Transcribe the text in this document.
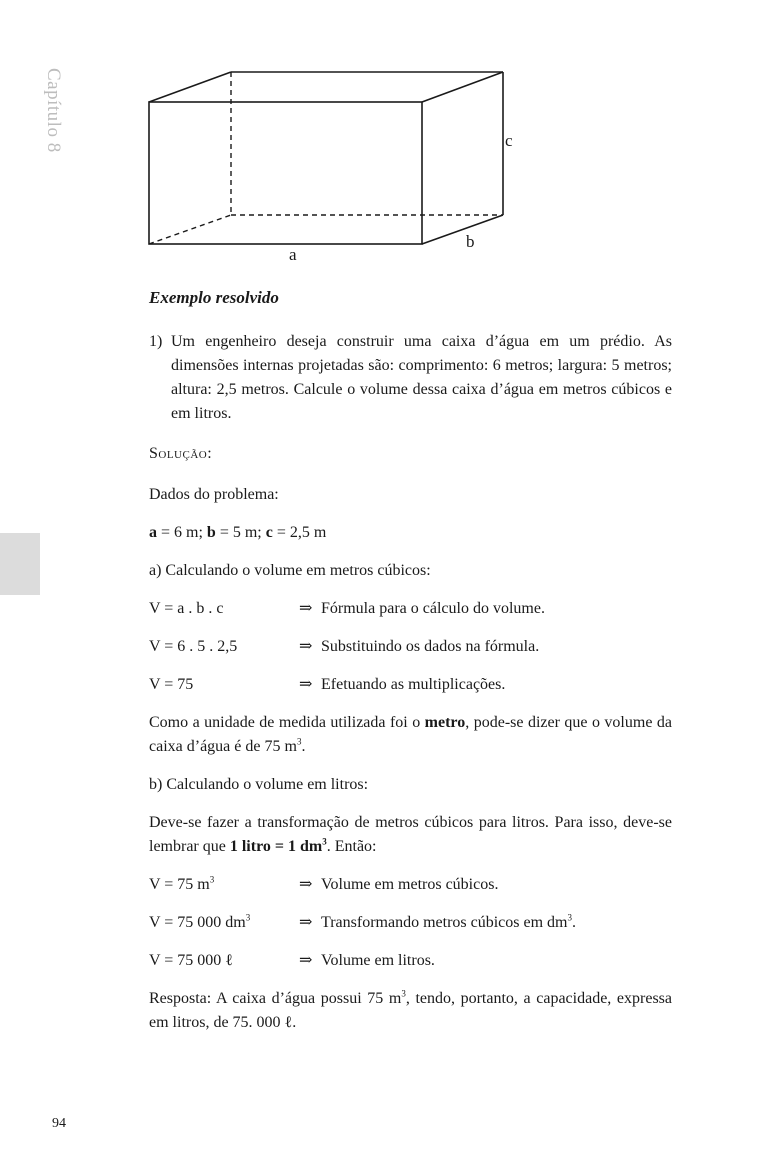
Capítulo 8
a
b
c

Exemplo resolvido

1) Um engenheiro deseja construir uma caixa d’água em um prédio. As dimensões internas projetadas são: comprimento: 6 metros; largura: 5 metros; altura: 2,5 metros. Calcule o volume dessa caixa d’água em metros cúbicos e em litros.

Solução:

Dados do problema:

a = 6 m; b = 5 m; c = 2,5 m

a) Calculando o volume em metros cúbicos:

V = a . b . c	⇒ Fórmula para o cálculo do volume.
V = 6 . 5 . 2,5	⇒ Substituindo os dados na fórmula.
V = 75	⇒ Efetuando as multiplicações.

Como a unidade de medida utilizada foi o metro, pode-se dizer que o volume da caixa d’água é de 75 $m^3$.

b) Calculando o volume em litros:

Deve-se fazer a transformação de metros cúbicos para litros. Para isso, deve-se lembrar que 1 litro = 1 $dm^3$. Então:

V = 75 $m^3$	⇒ Volume em metros cúbicos.
V = 75 000 $dm^3$	⇒ Transformando metros cúbicos em $dm^3$.
V = 75 000 ℓ	⇒ Volume em litros.

Resposta: A caixa d’água possui 75 $m^3$, tendo, portanto, a capacidade, expressa em litros, de 75. 000 ℓ.

94
